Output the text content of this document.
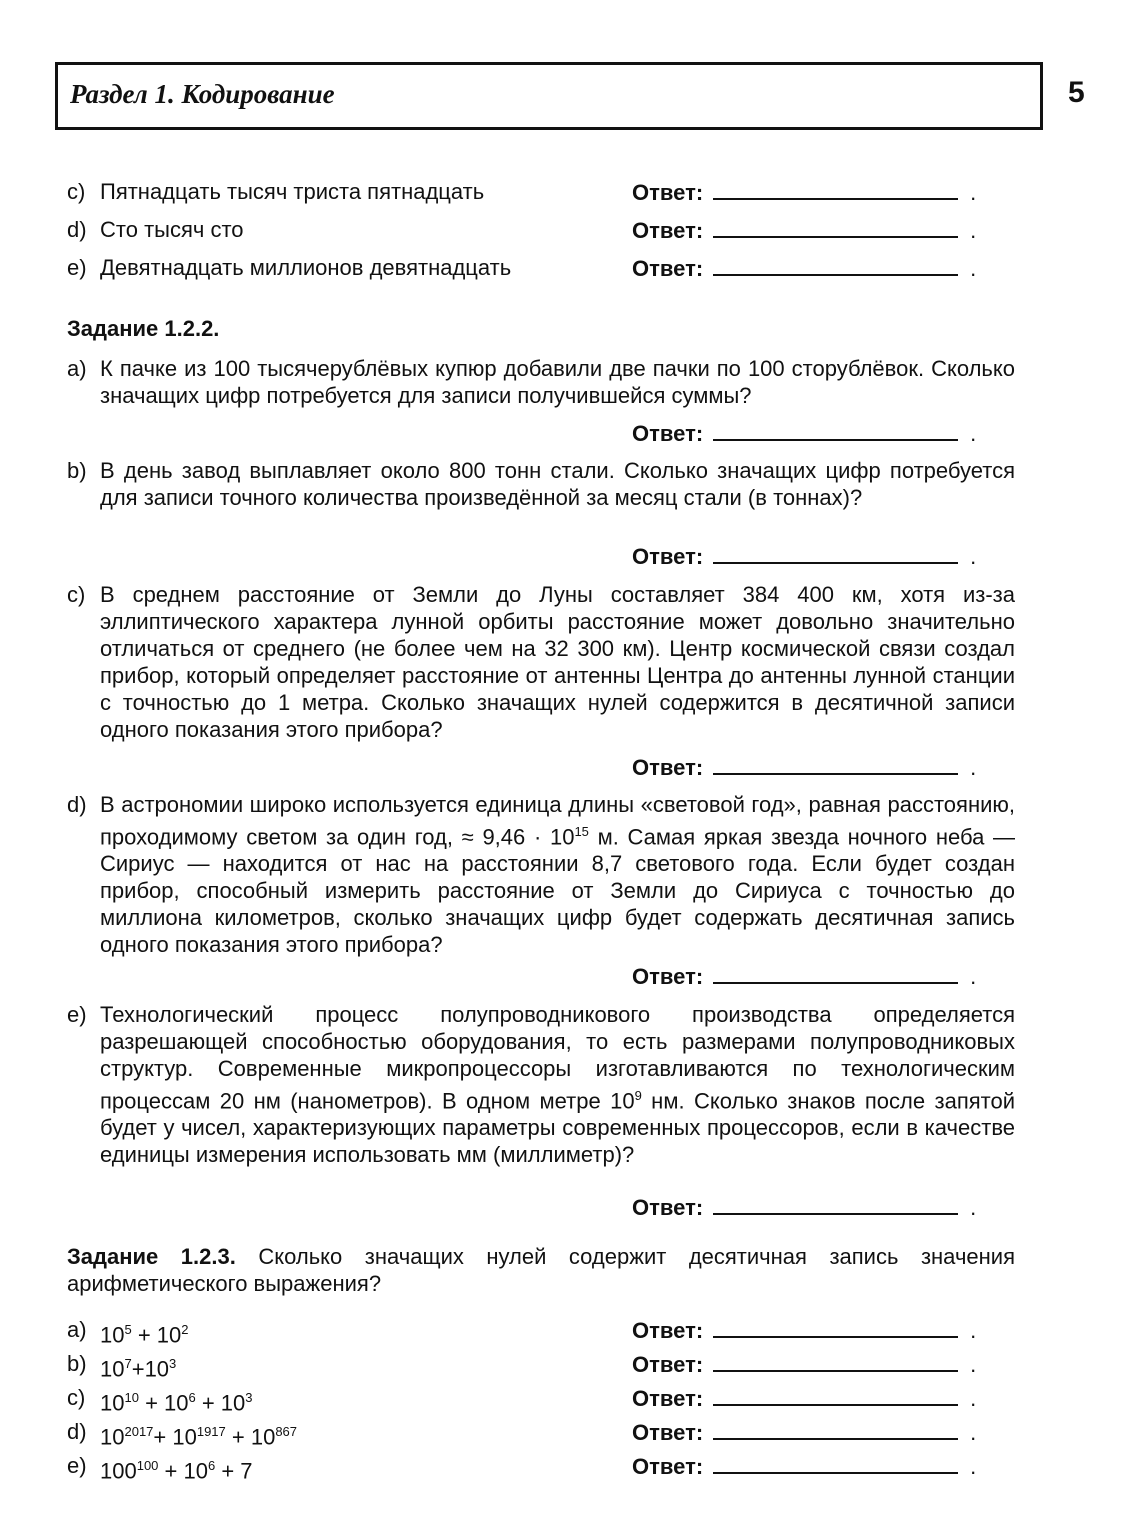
Раздел 1. Кодирование	5
c) Пятнадцать тысяч триста пятнадцать	Ответ:	.
d) Сто тысяч сто	Ответ:	.
e) Девятнадцать миллионов девятнадцать	Ответ:	.
Задание 1.2.2.
a) К пачке из 100 тысячерублёвых купюр добавили две пачки по 100 сторублёвок. Сколько значащих цифр потребуется для записи получившейся суммы?
Ответ:	.
b) В день завод выплавляет около 800 тонн стали. Сколько значащих цифр потребуется для записи точного количества произведённой за месяц стали (в тоннах)?
Ответ:	.
c) В среднем расстояние от Земли до Луны составляет 384 400 км, хотя из-за эллиптического характера лунной орбиты расстояние может довольно значительно отличаться от среднего (не более чем на 32 300 км). Центр космической связи создал прибор, который определяет расстояние от антенны Центра до антенны лунной станции с точностью до 1 метра. Сколько значащих нулей содержится в десятичной записи одного показания этого прибора?
Ответ:	.
d) В астрономии широко используется единица длины «световой год», равная расстоянию, проходимому светом за один год, ≈ $9,46 \cdot 10^{15}$ м. Самая яркая звезда ночного неба — Сириус — находится от нас на расстоянии 8,7 светового года. Если будет создан прибор, способный измерить расстояние от Земли до Сириуса с точностью до миллиона километров, сколько значащих цифр будет содержать десятичная запись одного показания этого прибора?
Ответ:	.
e) Технологический процесс полупроводникового производства определяется разрешающей способностью оборудования, то есть размерами полупроводниковых структур. Современные микропроцессоры изготавливаются по технологическим процессам 20 нм (нанометров). В одном метре $10^9$ нм. Сколько знаков после запятой будет у чисел, характеризующих параметры современных процессоров, если в качестве единицы измерения использовать мм (миллиметр)?
Ответ:	.
Задание 1.2.3. Сколько значащих нулей содержит десятичная запись значения арифметического выражения?
a) $10^5 + 10^2$	Ответ:	.
b) $10^7+10^3$	Ответ:	.
c) $10^{10} + 10^6 + 10^3$	Ответ:	.
d) $10^{2017}+ 10^{1917} + 10^{867}$	Ответ:	.
e) $100^{100} + 10^6 + 7$	Ответ:	.
